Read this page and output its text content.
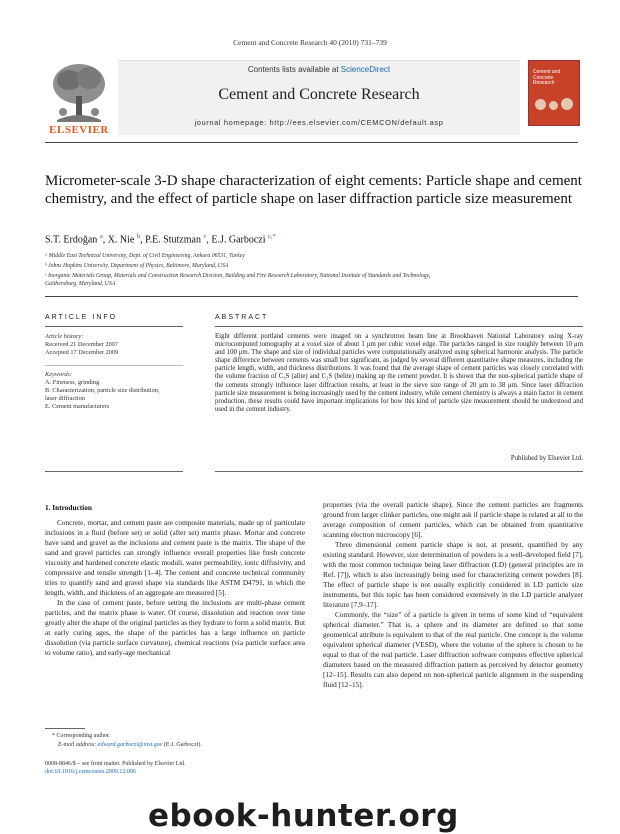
Cement and Concrete Research 40 (2010) 731–739
Contents lists available at ScienceDirect
Cement and Concrete Research
journal homepage: http://ees.elsevier.com/CEMCON/default.asp
ELSEVIER
Cement and Concrete Research
Micrometer-scale 3-D shape characterization of eight cements: Particle shape and cement chemistry, and the effect of particle shape on laser diffraction particle size measurement
S.T. Erdoğan $^a$, X. Nie $^b$, P.E. Stutzman $^c$, E.J. Garboczi $^{c,*}$
ᵃ Middle East Technical University, Dept. of Civil Engineering, Ankara 06531, Turkey
ᵇ Johns Hopkins University, Department of Physics, Baltimore, Maryland, USA
ᶜ Inorganic Materials Group, Materials and Construction Research Division, Building and Fire Research Laboratory, National Institute of Standards and Technology,
Gaithersburg, Maryland, USA
ARTICLE INFO
Article history:
Received 21 December 2007
Accepted 17 December 2009
Keywords:
A. Fineness, grinding
B. Characterization, particle size distribution,
laser diffraction
E. Cement manufacturers
ABSTRACT
Eight different portland cements were imaged on a synchrotron beam line at Brookhaven National Laboratory using X-ray microcomputed tomography at a voxel size of about 1 μm per cubic voxel edge. The particles ranged in size roughly between 10 μm and 100 μm. The shape and size of individual particles were computationally analyzed using spherical harmonic analysis. The particle shape difference between cements was small but significant, as judged by several different quantitative shape measures, including the particle length, width, and thickness distributions. It was found that the average shape of cement particles was closely correlated with the volume fraction of C₃S (alite) and C₂S (belite) making up the cement powder. It is shown that the non-spherical particle shape of the cements strongly influence laser diffraction results, at least in the sieve size range of 20 μm to 38 μm. Since laser diffraction particle size measurement is being increasingly used by the cement industry, while cement chemistry is always a main factor in cement production, these results could have important implications for how this kind of particle size measurement should be understood and used in the cement industry.
Published by Elsevier Ltd.
1. Introduction

Concrete, mortar, and cement paste are composite materials, made up of particulate inclusions in a fluid (before set) or solid (after set) matrix phase. Mortar and concrete have sand and gravel as the inclusions and cement paste is the matrix. The shape of the sand and gravel particles can strongly influence overall properties like fresh concrete viscosity and hardened concrete elastic moduli, water permeability, ionic diffusivity, and compressive and tensile strength [1–4]. The cement and concrete technical community tries to quantify sand and gravel shape via standards like ASTM D4791, in which the length, width, and thickness of an aggregate are measured [5].

In the case of cement paste, before setting the inclusions are multi-phase cement particles, and the matrix phase is water. Of course, dissolution and reaction over time greatly alter the shape of the original particles as they hydrate to form a solid matrix. But at early curing ages, the shape of the particles has a large influence on particle dissolution (via particle surface curvature), chemical reactions (via particle surface area to volume ratio), and early-age mechanical

properties (via the overall particle shape). Since the cement particles are fragments ground from larger clinker particles, one might ask if particle shape is related at all to the average composition of cement particles, which can be obtained from quantitative scanning electron microscopy [6].

Three dimensional cement particle shape is not, at present, quantified by any existing standard. However, size determination of powders is a well-developed field [7], with the most common technique being laser diffraction (LD) (general principles are in Ref. [7]), which is also increasingly being used for characterizing cement powders [8]. The effect of particle shape is not usually explicitly considered in LD particle size instruments, but this topic has been considered extensively in the LD particle analyzer literature [7,9–17].

Commonly, the “size” of a particle is given in terms of some kind of “equivalent spherical diameter.” That is, a sphere and its diameter are defined so that some geometrical attribute is equivalent to that of the real particle. One concept is the volume equivalent spherical diameter (VESD), where the volume of the sphere is chosen to be equal to that of the real particle. Laser diffraction software computes effective spherical diameters based on the measured diffraction pattern as perceived by detector geometry [12–15]. Results can also depend on non-spherical particle alignment in the suspending fluid [12–15].

* Corresponding author.
E-mail address: edward.garboczi@nist.gov (E.J. Garboczi).
0008-8846/$ – see front matter. Published by Elsevier Ltd.
doi:10.1016/j.cemconres.2009.12.006
ebook-hunter.org
